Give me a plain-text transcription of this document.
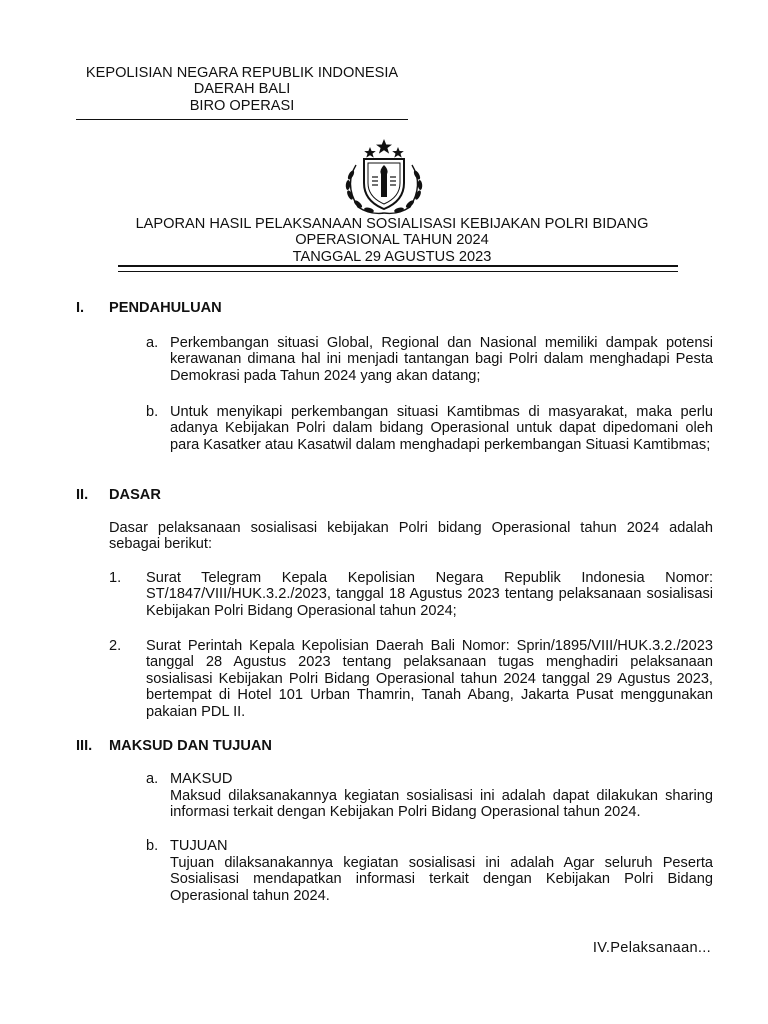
KEPOLISIAN NEGARA REPUBLIK INDONESIA
DAERAH BALI
BIRO OPERASI
LAPORAN HASIL PELAKSANAAN SOSIALISASI KEBIJAKAN POLRI BIDANG
OPERASIONAL TAHUN 2024
TANGGAL 29 AGUSTUS 2023
I. PENDAHULUAN
a. Perkembangan situasi Global, Regional dan Nasional memiliki dampak potensi kerawanan dimana hal ini menjadi tantangan bagi Polri dalam menghadapi Pesta Demokrasi pada Tahun 2024 yang akan datang;
b. Untuk menyikapi perkembangan situasi Kamtibmas di masyarakat, maka perlu adanya Kebijakan Polri dalam bidang Operasional untuk dapat dipedomani oleh para Kasatker atau Kasatwil dalam menghadapi perkembangan Situasi Kamtibmas;
II. DASAR
Dasar pelaksanaan sosialisasi kebijakan Polri bidang Operasional tahun 2024 adalah sebagai berikut:
1. Surat Telegram Kepala Kepolisian Negara Republik Indonesia Nomor: ST/1847/VIII/HUK.3.2./2023, tanggal 18 Agustus 2023 tentang pelaksanaan sosialisasi Kebijakan Polri Bidang Operasional tahun 2024;
2. Surat Perintah Kepala Kepolisian Daerah Bali Nomor: Sprin/1895/VIII/HUK.3.2./2023 tanggal 28 Agustus 2023 tentang pelaksanaan tugas menghadiri pelaksanaan sosialisasi Kebijakan Polri Bidang Operasional tahun 2024 tanggal 29 Agustus 2023, bertempat di Hotel 101 Urban Thamrin, Tanah Abang, Jakarta Pusat menggunakan pakaian PDL II.
III. MAKSUD DAN TUJUAN
a. MAKSUD
Maksud dilaksanakannya kegiatan sosialisasi ini adalah dapat dilakukan sharing informasi terkait dengan Kebijakan Polri Bidang Operasional tahun 2024.
b. TUJUAN
Tujuan dilaksanakannya kegiatan sosialisasi ini adalah Agar seluruh Peserta Sosialisasi mendapatkan informasi terkait dengan Kebijakan Polri Bidang Operasional tahun 2024.
IV.Pelaksanaan...
